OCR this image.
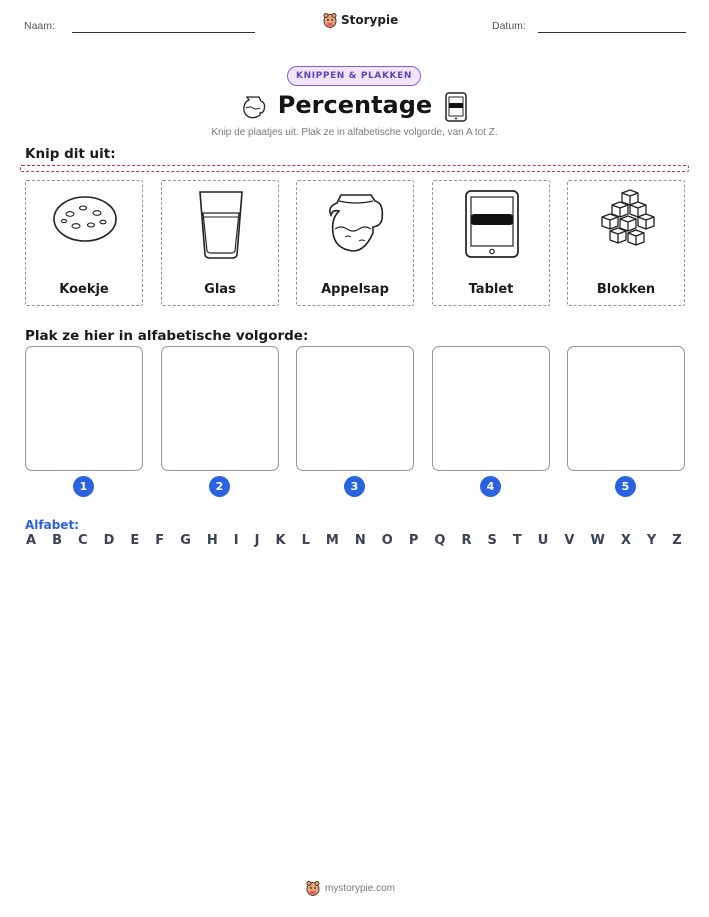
Naam:	Storypie	Datum:
KNIPPEN & PLAKKEN
Percentage
Knip de plaatjes uit. Plak ze in alfabetische volgorde, van A tot Z.
Knip dit uit:
Koekje	Glas	Appelsap	Tablet	Blokken
Plak ze hier in alfabetische volgorde:
1	2	3	4	5
Alfabet:
A B C D E F G H I J K L M N O P Q R S T U V W X Y Z
mystorypie.com
